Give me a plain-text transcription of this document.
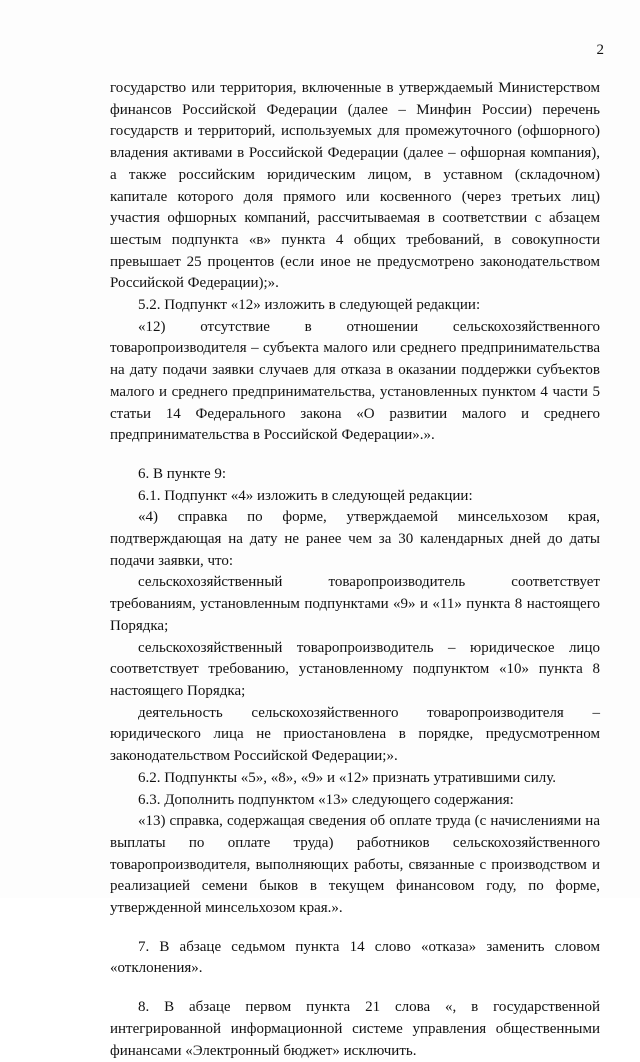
2

государство или территория, включенные в утверждаемый Министерством финансов Российской Федерации (далее – Минфин России) перечень государств и территорий, используемых для промежуточного (офшорного) владения активами в Российской Федерации (далее – офшорная компания), а также российским юридическим лицом, в уставном (складочном) капитале которого доля прямого или косвенного (через третьих лиц) участия офшорных компаний, рассчитываемая в соответствии с абзацем шестым подпункта «в» пункта 4 общих требований, в совокупности превышает 25 процентов (если иное не предусмотрено законодательством Российской Федерации);».

5.2. Подпункт «12» изложить в следующей редакции:

«12) отсутствие в отношении сельскохозяйственного товаропроизводителя – субъекта малого или среднего предпринимательства на дату подачи заявки случаев для отказа в оказании поддержки субъектов малого и среднего предпринимательства, установленных пунктом 4 части 5 статьи 14 Федерального закона «О развитии малого и среднего предпринимательства в Российской Федерации».».

6. В пункте 9:

6.1. Подпункт «4» изложить в следующей редакции:

«4) справка по форме, утверждаемой минсельхозом края, подтверждающая на дату не ранее чем за 30 календарных дней до даты подачи заявки, что:

сельскохозяйственный товаропроизводитель соответствует требованиям, установленным подпунктами «9» и «11» пункта 8 настоящего Порядка;

сельскохозяйственный товаропроизводитель – юридическое лицо соответствует требованию, установленному подпунктом «10» пункта 8 настоящего Порядка;

деятельность сельскохозяйственного товаропроизводителя – юридического лица не приостановлена в порядке, предусмотренном законодательством Российской Федерации;».

6.2. Подпункты «5», «8», «9» и «12» признать утратившими силу.

6.3. Дополнить подпунктом «13» следующего содержания:

«13) справка, содержащая сведения об оплате труда (с начислениями на выплаты по оплате труда) работников сельскохозяйственного товаропроизводителя, выполняющих работы, связанные с производством и реализацией семени быков в текущем финансовом году, по форме, утвержденной минсельхозом края.».

7. В абзаце седьмом пункта 14 слово «отказа» заменить словом «отклонения».

8. В абзаце первом пункта 21 слова «, в государственной интегрированной информационной системе управления общественными финансами «Электронный бюджет» исключить.
